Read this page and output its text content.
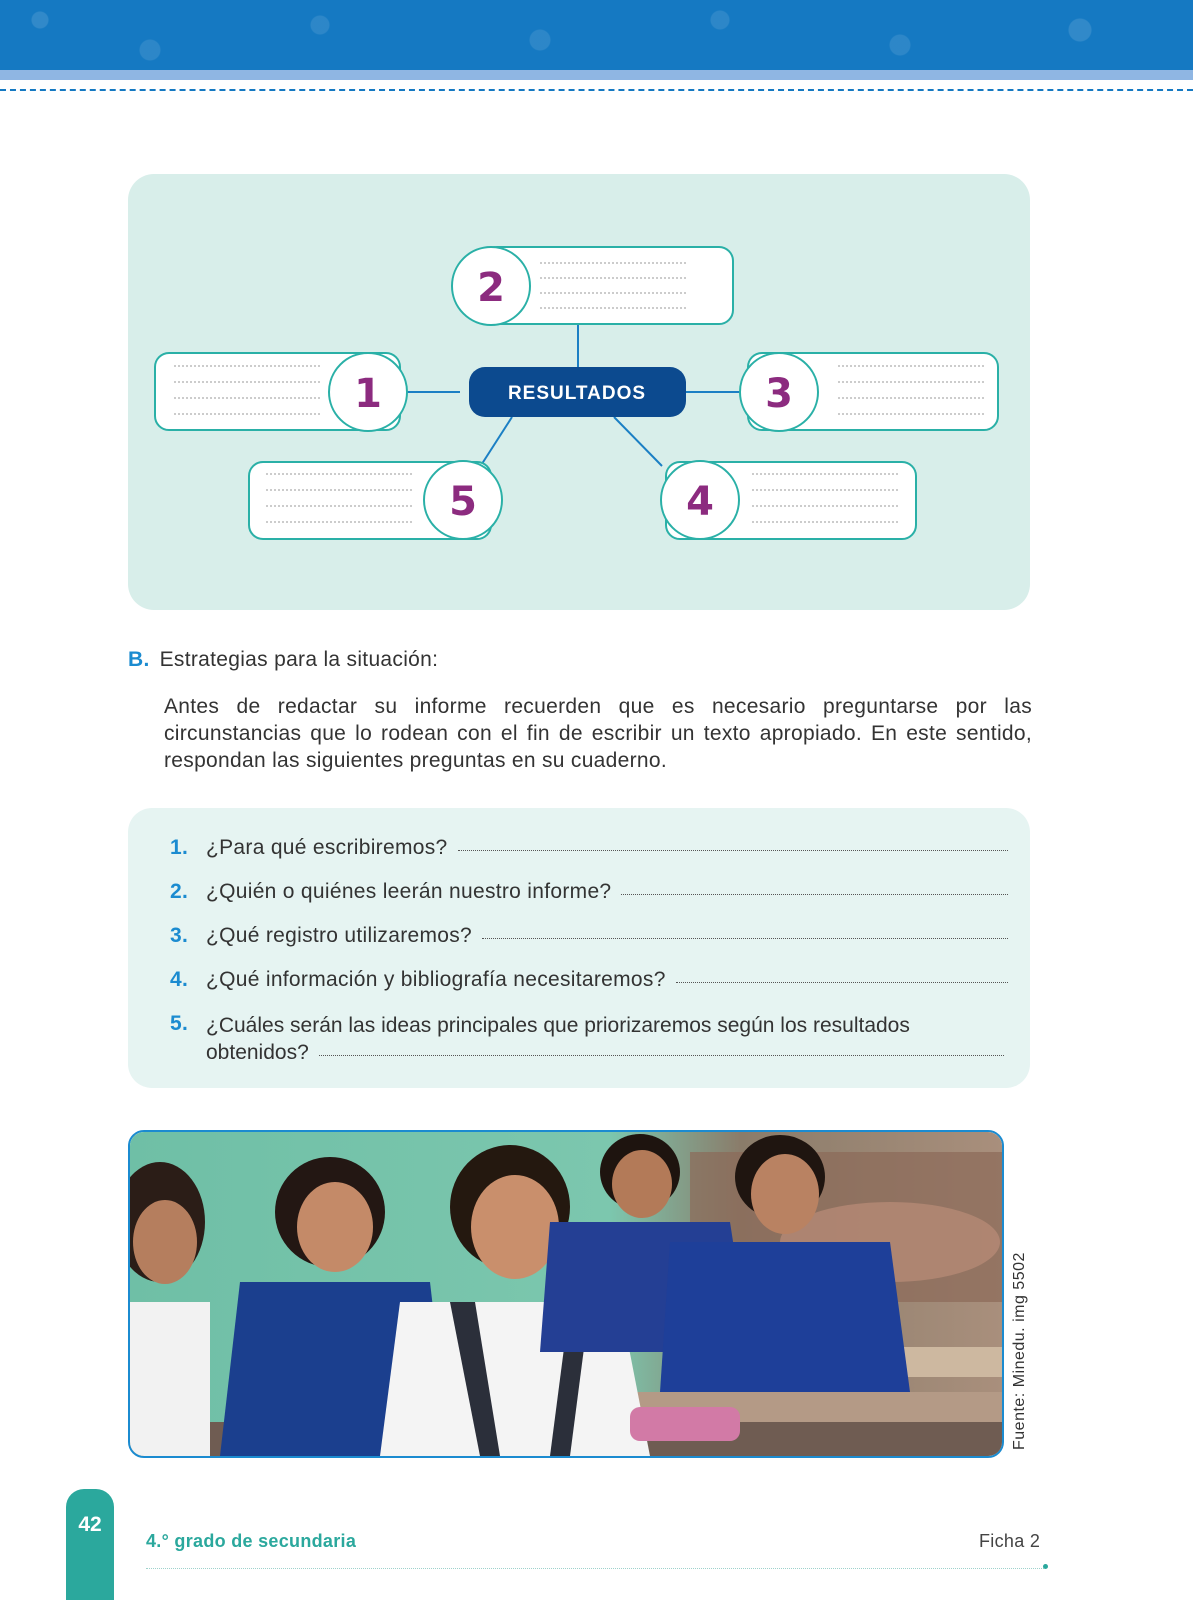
2
1	3
5	4
RESULTADOS
B. Estrategias para la situación:
Antes de redactar su informe recuerden que es necesario preguntarse por las circunstancias que lo rodean con el fin de escribir un texto apropiado. En este sentido, respondan las siguientes preguntas en su cuaderno.
1. ¿Para qué escribiremos?
2. ¿Quién o quiénes leerán nuestro informe?
3. ¿Qué registro utilizaremos?
4. ¿Qué información y bibliografía necesitaremos?
5. ¿Cuáles serán las ideas principales que priorizaremos según los resultados
obtenidos?
Fuente: Minedu. img 5502
42
4.° grado de secundaria	Ficha 2
